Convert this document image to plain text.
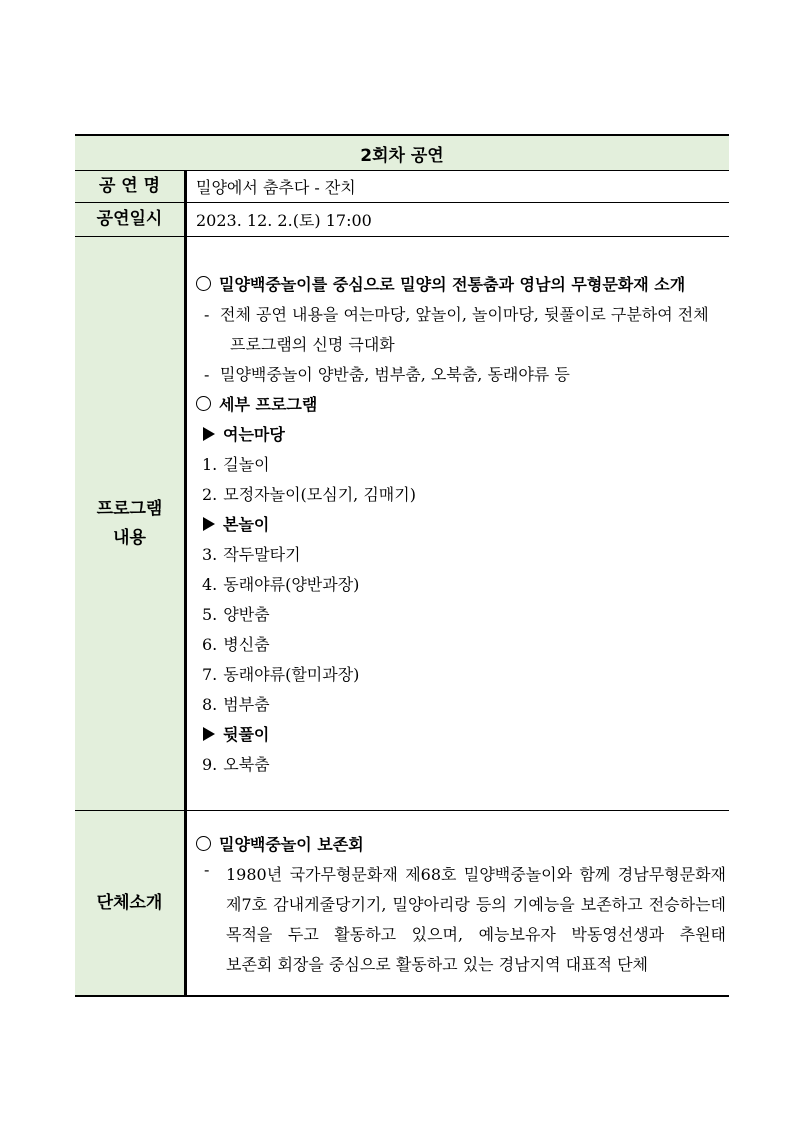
2회차 공연
공 연 명	밀양에서 춤추다 - 잔치
공연일시	2023. 12. 2.(토) 17:00
프로그램
내용
밀양백중놀이를 중심으로 밀양의 전통춤과 영남의 무형문화재 소개
- 전체 공연 내용을 여는마당, 앞놀이, 놀이마당, 뒷풀이로 구분하여 전체
프로그램의 신명 극대화
- 밀양백중놀이 양반춤, 범부춤, 오북춤, 동래야류 등
세부 프로그램
여는마당
1. 길놀이
2. 모정자놀이(모심기, 김매기)
본놀이
3. 작두말타기
4. 동래야류(양반과장)
5. 양반춤
6. 병신춤
7. 동래야류(할미과장)
8. 범부춤
뒷풀이
9. 오북춤
단체소개
밀양백중놀이 보존회
- 1980년 국가무형문화재 제68호 밀양백중놀이와 함께 경남무형문화재
제7호 감내게줄당기기, 밀양아리랑 등의 기예능을 보존하고 전승하는데
목적을 두고 활동하고 있으며, 예능보유자 박동영선생과 추원태
보존회 회장을 중심으로 활동하고 있는 경남지역 대표적 단체
